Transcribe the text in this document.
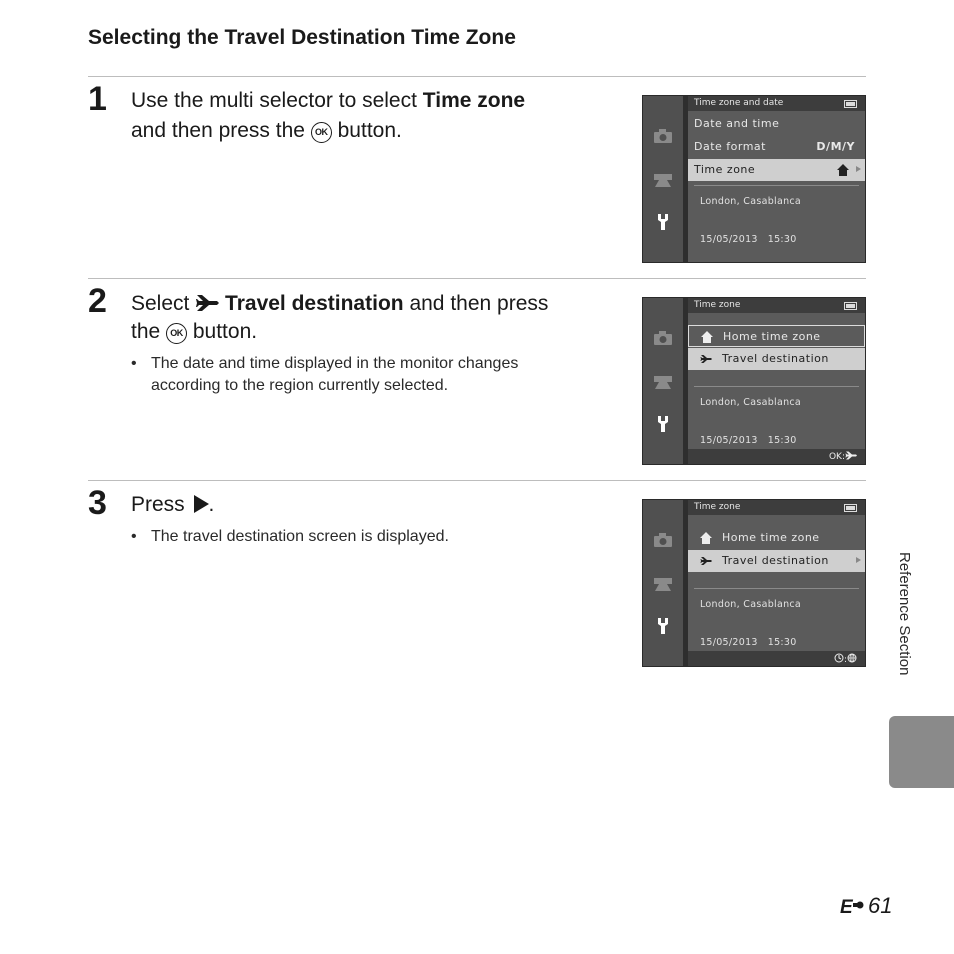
Selecting the Travel Destination Time Zone
1 Use the multi selector to select Time zone
and then press the OK button.
Time zone and date
Date and time
Date format	D/M/Y
Time zone
London, Casablanca
15/05/2013 15:30
2 Select  Travel destination and then press
the OK button.
• The date and time displayed in the monitor changes
according to the region currently selected.
Time zone
Home time zone
Travel destination
London, Casablanca
15/05/2013 15:30
OK:
3 Press .
• The travel destination screen is displayed.
Time zone
Home time zone
Travel destination
London, Casablanca
15/05/2013 15:30
:	Reference Section
E 61
